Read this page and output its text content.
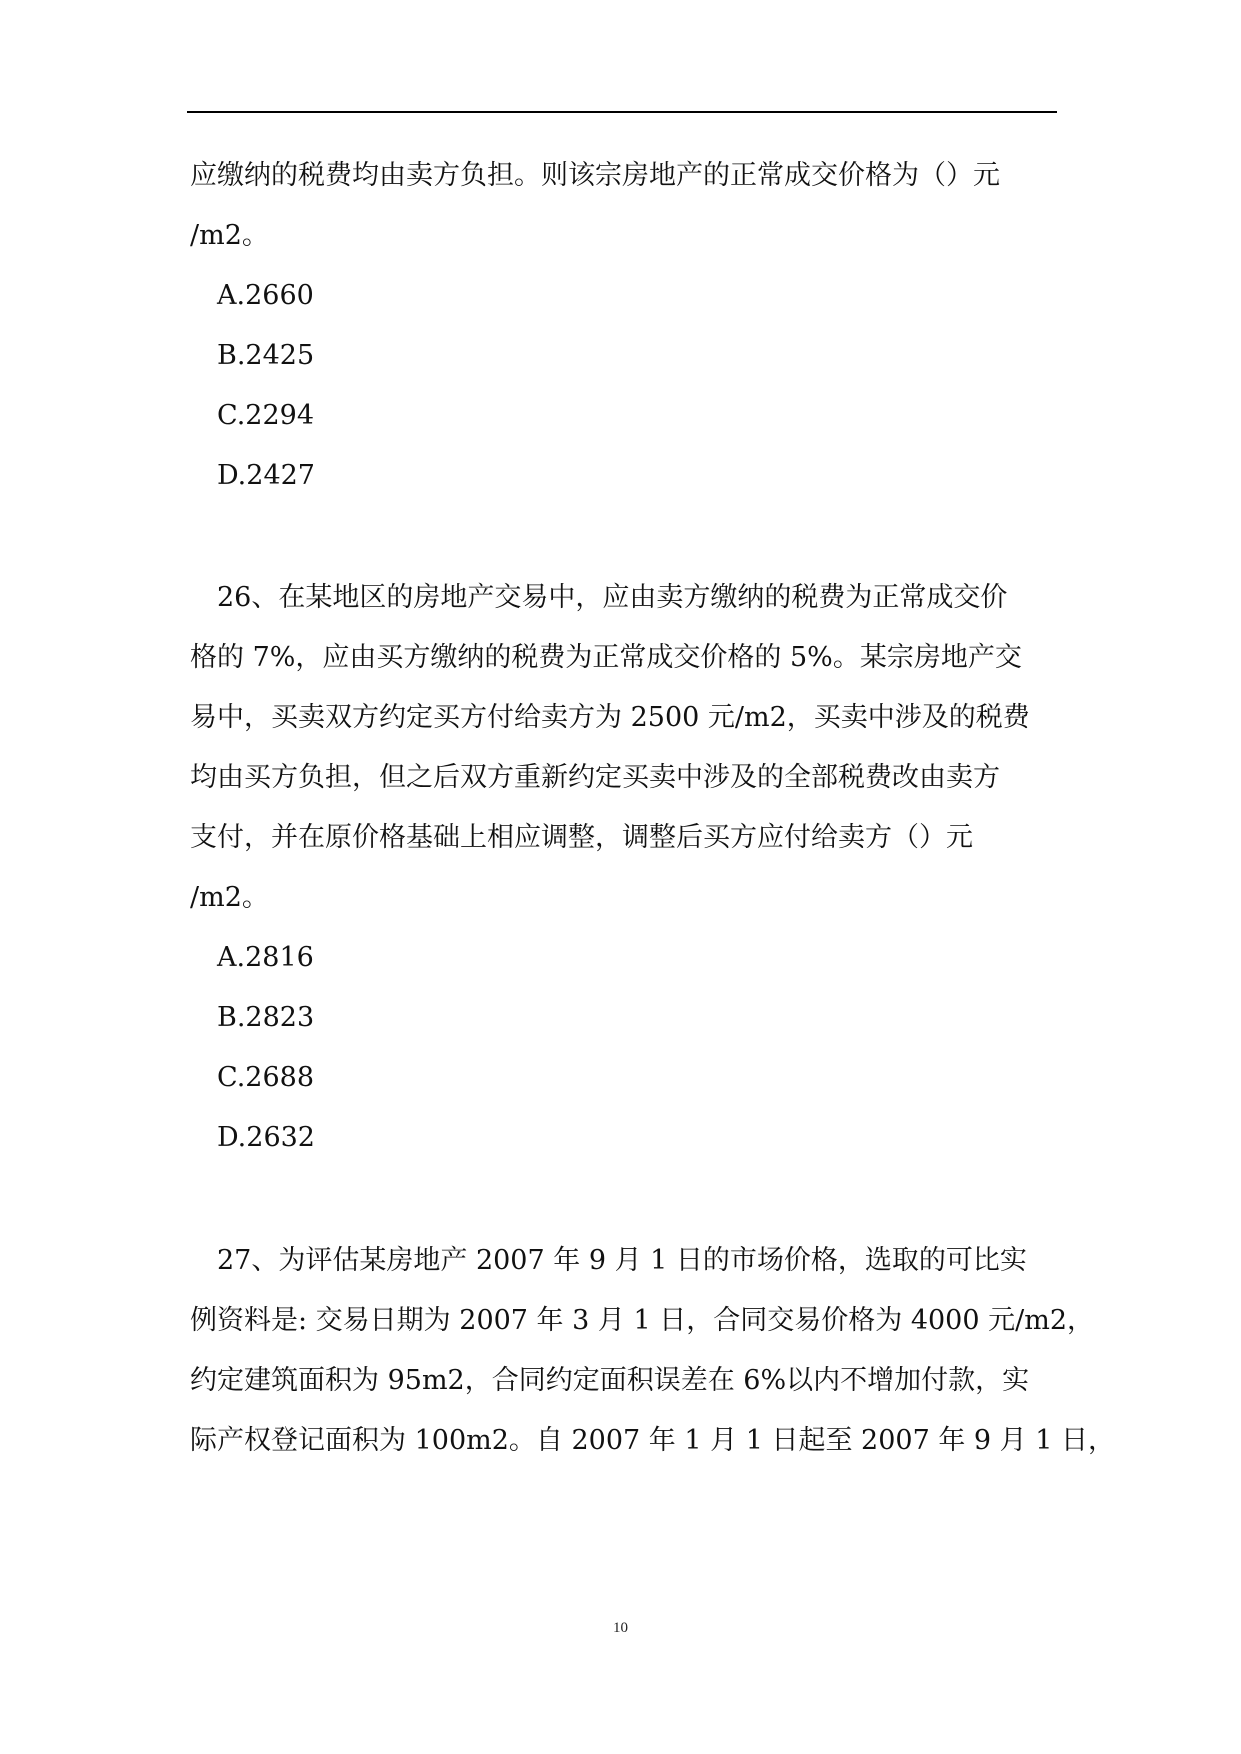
应缴纳的税费均由卖方负担。则该宗房地产的正常成交价格为（）元

/m2。

A.2660

B.2425

C.2294

D.2427

26、在某地区的房地产交易中，应由卖方缴纳的税费为正常成交价

格的 7%，应由买方缴纳的税费为正常成交价格的 5%。某宗房地产交

易中，买卖双方约定买方付给卖方为 2500 元/m2，买卖中涉及的税费

均由买方负担，但之后双方重新约定买卖中涉及的全部税费改由卖方

支付，并在原价格基础上相应调整，调整后买方应付给卖方（）元

/m2。

A.2816

B.2823

C.2688

D.2632

27、为评估某房地产 2007 年 9 月 1 日的市场价格，选取的可比实

例资料是: 交易日期为 2007 年 3 月 1 日，合同交易价格为 4000 元/m2，

约定建筑面积为 95m2，合同约定面积误差在 6%以内不增加付款，实

际产权登记面积为 100m2。自 2007 年 1 月 1 日起至 2007 年 9 月 1 日，

10
